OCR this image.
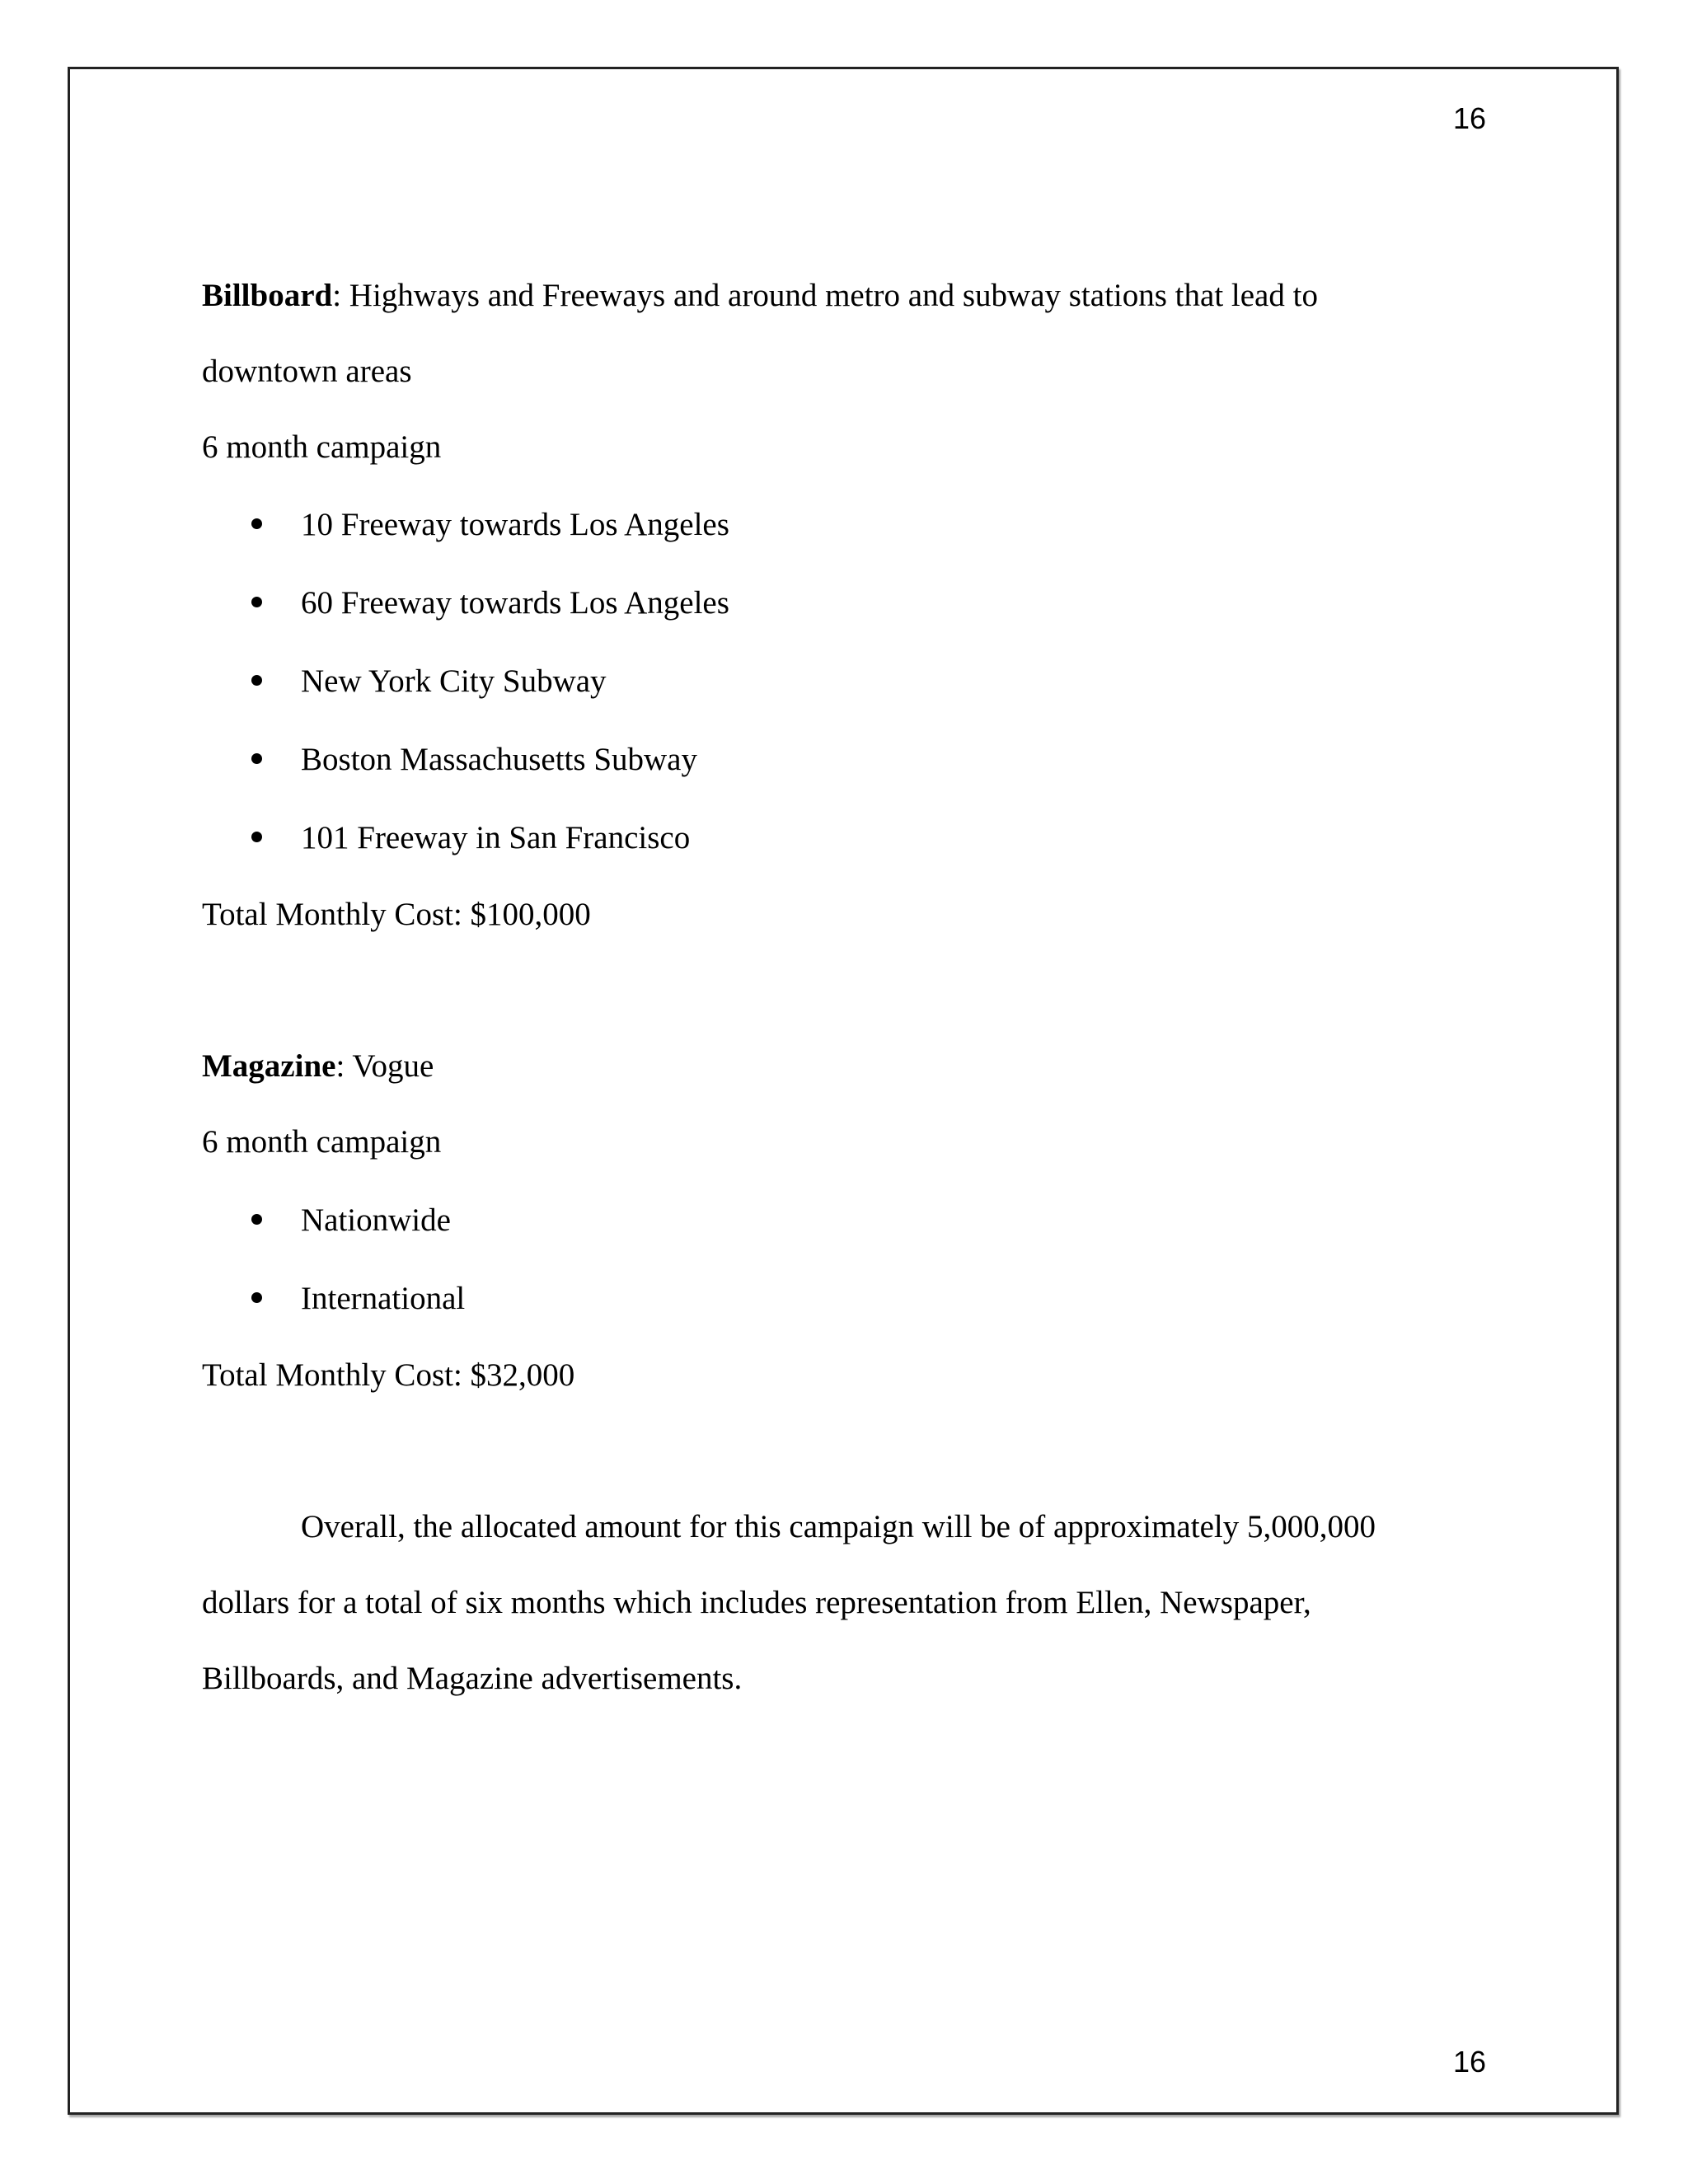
16
Billboard: Highways and Freeways and around metro and subway stations that lead to
downtown areas
6 month campaign
10 Freeway towards Los Angeles
60 Freeway towards Los Angeles
New York City Subway
Boston Massachusetts Subway
101 Freeway in San Francisco
Total Monthly Cost: $100,000
Magazine: Vogue
6 month campaign
Nationwide
International
Total Monthly Cost: $32,000
Overall, the allocated amount for this campaign will be of approximately 5,000,000
dollars for a total of six months which includes representation from Ellen, Newspaper,
Billboards, and Magazine advertisements.
16
